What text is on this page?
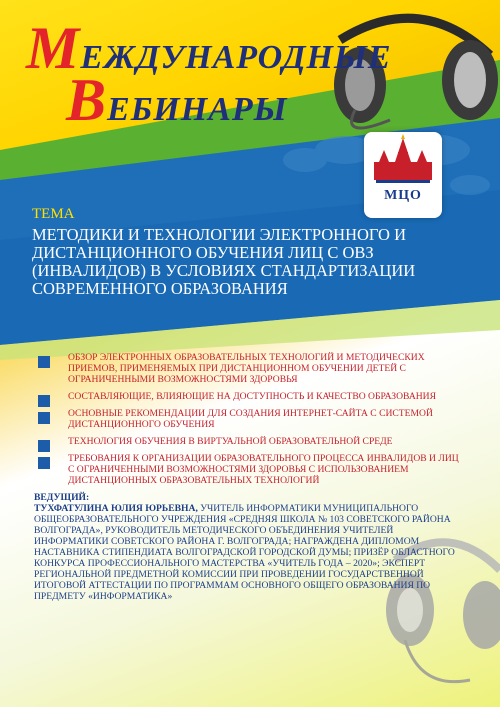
МЕЖДУНАРОДНЫЕ
ВЕБИНАРЫ
МЦО
ТЕМА
МЕТОДИКИ И ТЕХНОЛОГИИ ЭЛЕКТРОННОГО И ДИСТАНЦИОННОГО ОБУЧЕНИЯ ЛИЦ С ОВЗ (ИНВАЛИДОВ) В УСЛОВИЯХ СТАНДАРТИЗАЦИИ СОВРЕМЕННОГО ОБРАЗОВАНИЯ
ОБЗОР ЭЛЕКТРОННЫХ ОБРАЗОВАТЕЛЬНЫХ ТЕХНОЛОГИЙ И МЕТОДИЧЕСКИХ ПРИЕМОВ, ПРИМЕНЯЕМЫХ ПРИ ДИСТАНЦИОННОМ ОБУЧЕНИИ ДЕТЕЙ С ОГРАНИЧЕННЫМИ ВОЗМОЖНОСТЯМИ ЗДОРОВЬЯ
СОСТАВЛЯЮЩИЕ, ВЛИЯЮЩИЕ НА ДОСТУПНОСТЬ И КАЧЕСТВО ОБРАЗОВАНИЯ
ОСНОВНЫЕ РЕКОМЕНДАЦИИ ДЛЯ СОЗДАНИЯ ИНТЕРНЕТ-САЙТА С СИСТЕМОЙ ДИСТАНЦИОННОГО ОБУЧЕНИЯ
ТЕХНОЛОГИЯ ОБУЧЕНИЯ В ВИРТУАЛЬНОЙ ОБРАЗОВАТЕЛЬНОЙ СРЕДЕ
ТРЕБОВАНИЯ К ОРГАНИЗАЦИИ ОБРАЗОВАТЕЛЬНОГО ПРОЦЕССА ИНВАЛИДОВ И ЛИЦ С ОГРАНИЧЕННЫМИ ВОЗМОЖНОСТЯМИ ЗДОРОВЬЯ С ИСПОЛЬЗОВАНИЕМ ДИСТАНЦИОННЫХ ОБРАЗОВАТЕЛЬНЫХ ТЕХНОЛОГИЙ
ВЕДУЩИЙ:
ТУХФАТУЛИНА ЮЛИЯ ЮРЬЕВНА, УЧИТЕЛЬ ИНФОРМАТИКИ МУНИЦИПАЛЬНОГО ОБЩЕОБРАЗОВАТЕЛЬНОГО УЧРЕЖДЕНИЯ «СРЕДНЯЯ ШКОЛА № 103 СОВЕТСКОГО РАЙОНА ВОЛГОГРАДА», РУКОВОДИТЕЛЬ МЕТОДИЧЕСКОГО ОБЪЕДИНЕНИЯ УЧИТЕЛЕЙ ИНФОРМАТИКИ СОВЕТСКОГО РАЙОНА Г. ВОЛГОГРАДА; НАГРАЖДЕНА ДИПЛОМОМ НАСТАВНИКА СТИПЕНДИАТА ВОЛГОГРАДСКОЙ ГОРОДСКОЙ ДУМЫ; ПРИЗЁР ОБЛАСТНОГО КОНКУРСА ПРОФЕССИОНАЛЬНОГО МАСТЕРСТВА «УЧИТЕЛЬ ГОДА – 2020»; ЭКСПЕРТ РЕГИОНАЛЬНОЙ ПРЕДМЕТНОЙ КОМИССИИ ПРИ ПРОВЕДЕНИИ ГОСУДАРСТВЕННОЙ ИТОГОВОЙ АТТЕСТАЦИИ ПО ПРОГРАММАМ ОСНОВНОГО ОБЩЕГО ОБРАЗОВАНИЯ ПО ПРЕДМЕТУ «ИНФОРМАТИКА»
